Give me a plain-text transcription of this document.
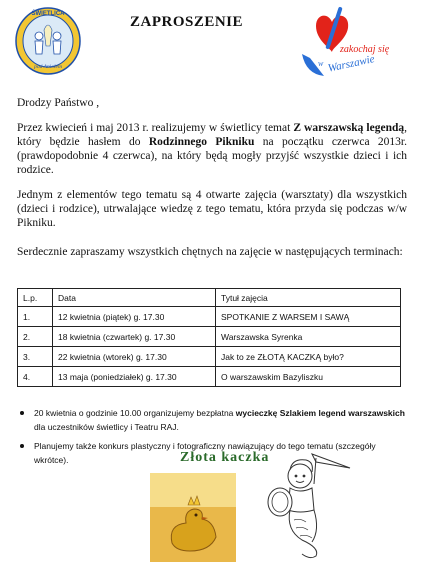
ŚWIETLICA
pod Aniołem
ZAPROSZENIE
zakochaj się
w Warszawie
Drodzy Państwo ,
Przez kwiecień i maj 2013 r. realizujemy w świetlicy temat Z warszawską legendą, który będzie hasłem do Rodzinnego Pikniku na początku czerwca 2013r. (prawdopodobnie 4 czerwca), na który będą mogły przyjść wszystkie dzieci i ich rodzice.
Jednym z elementów tego tematu są 4 otwarte zajęcia (warsztaty) dla wszystkich (dzieci i rodzice), utrwalające wiedzę z tego tematu, która przyda się podczas w/w Pikniku.
Serdecznie zapraszamy wszystkich chętnych na zajęcie w następujących terminach:
L.p.	Data	Tytuł zajęcia
1.	12 kwietnia (piątek) g. 17.30	SPOTKANIE Z WARSEM I SAWĄ
2.	18 kwietnia (czwartek) g. 17.30	Warszawska Syrenka
3.	22 kwietnia (wtorek) g. 17.30	Jak to ze ZŁOTĄ KACZKĄ było?
4.	13 maja (poniedziałek) g. 17.30	O warszawskim Bazyliszku
20 kwietnia o godzinie 10.00 organizujemy bezpłatna wycieczkę Szlakiem legend warszawskich dla uczestników świetlicy i Teatru RAJ.
Planujemy także konkurs plastyczny i fotograficzny nawiązujący do tego tematu (szczegóły wkrótce).	Złota kaczka
